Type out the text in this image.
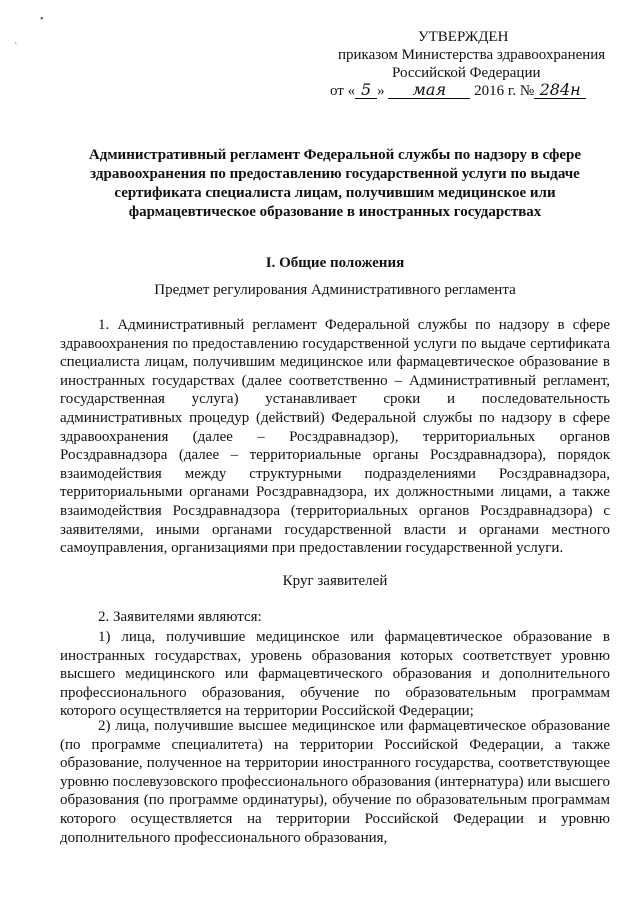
•
`
УТВЕРЖДЕН
приказом Министерства здравоохранения
Российской Федерации
от « 5 » мая 2016 г. № 284н
Административный регламент Федеральной службы по надзору в сфере здравоохранения по предоставлению государственной услуги по выдаче сертификата специалиста лицам, получившим медицинское или фармацевтическое образование в иностранных государствах
I. Общие положения
Предмет регулирования Административного регламента
1. Административный регламент Федеральной службы по надзору в сфере здравоохранения по предоставлению государственной услуги по выдаче сертификата специалиста лицам, получившим медицинское или фармацевтическое образование в иностранных государствах (далее соответственно – Административный регламент, государственная услуга) устанавливает сроки и последовательность административных процедур (действий) Федеральной службы по надзору в сфере здравоохранения (далее – Росздравнадзор), территориальных органов Росздравнадзора (далее – территориальные органы Росздравнадзора), порядок взаимодействия между структурными подразделениями Росздравнадзора, территориальными органами Росздравнадзора, их должностными лицами, а также взаимодействия Росздравнадзора (территориальных органов Росздравнадзора) с заявителями, иными органами государственной власти и органами местного самоуправления, организациями при предоставлении государственной услуги.
Круг заявителей
2. Заявителями являются:
1) лица, получившие медицинское или фармацевтическое образование в иностранных государствах, уровень образования которых соответствует уровню высшего медицинского или фармацевтического образования и дополнительного профессионального образования, обучение по образовательным программам которого осуществляется на территории Российской Федерации;
2) лица, получившие высшее медицинское или фармацевтическое образование (по программе специалитета) на территории Российской Федерации, а также образование, полученное на территории иностранного государства, соответствующее уровню послевузовского профессионального образования (интернатура) или высшего образования (по программе ординатуры), обучение по образовательным программам которого осуществляется на территории Российской Федерации и уровню дополнительного профессионального образования,
